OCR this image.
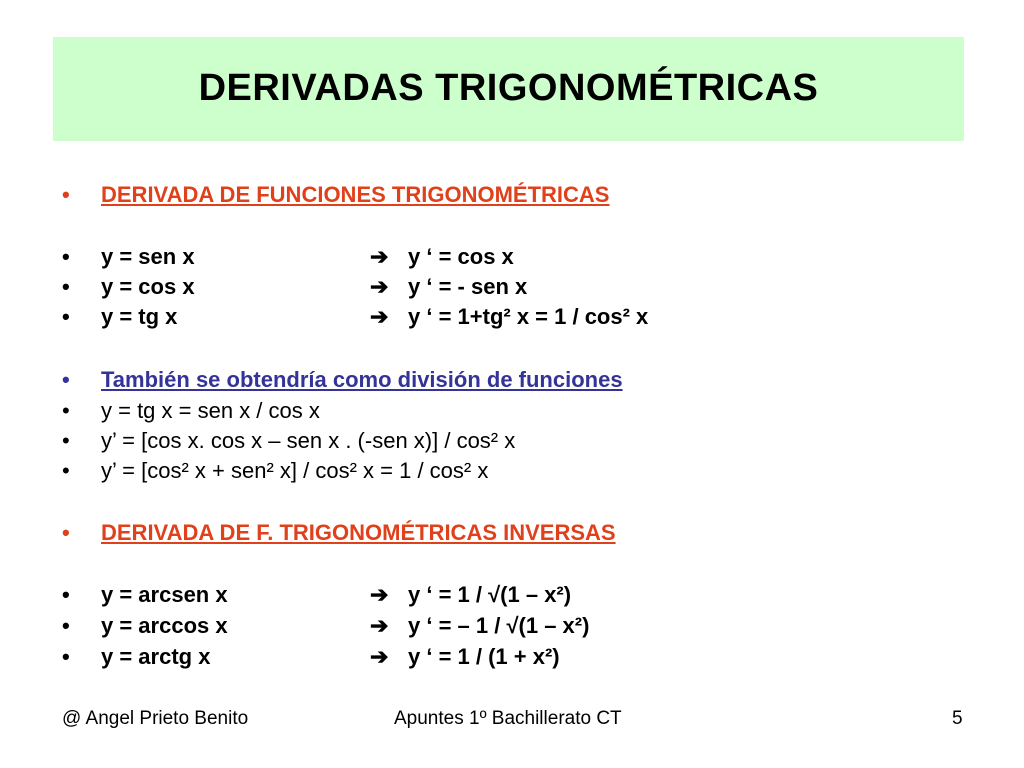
DERIVADAS TRIGONOMÉTRICAS
• DERIVADA DE FUNCIONES TRIGONOMÉTRICAS
• y = sen x	➔ y ‘ = cos x
• y = cos x	➔ y ‘ = - sen x
• y = tg x	➔ y ‘ = 1+tg² x = 1 / cos² x
• También se obtendría como división de funciones
• y = tg x = sen x / cos x
• y’ = [cos x. cos x – sen x . (-sen x)] / cos² x
• y’ = [cos² x + sen² x] / cos² x = 1 / cos² x
• DERIVADA DE F. TRIGONOMÉTRICAS INVERSAS
• y = arcsen x	➔ y ‘ = 1 / √(1 – x²)
• y = arccos x	➔ y ‘ = – 1 / √(1 – x²)
• y = arctg x	➔ y ‘ = 1 / (1 + x²)
@ Angel Prieto Benito	Apuntes 1º Bachillerato CT	5
